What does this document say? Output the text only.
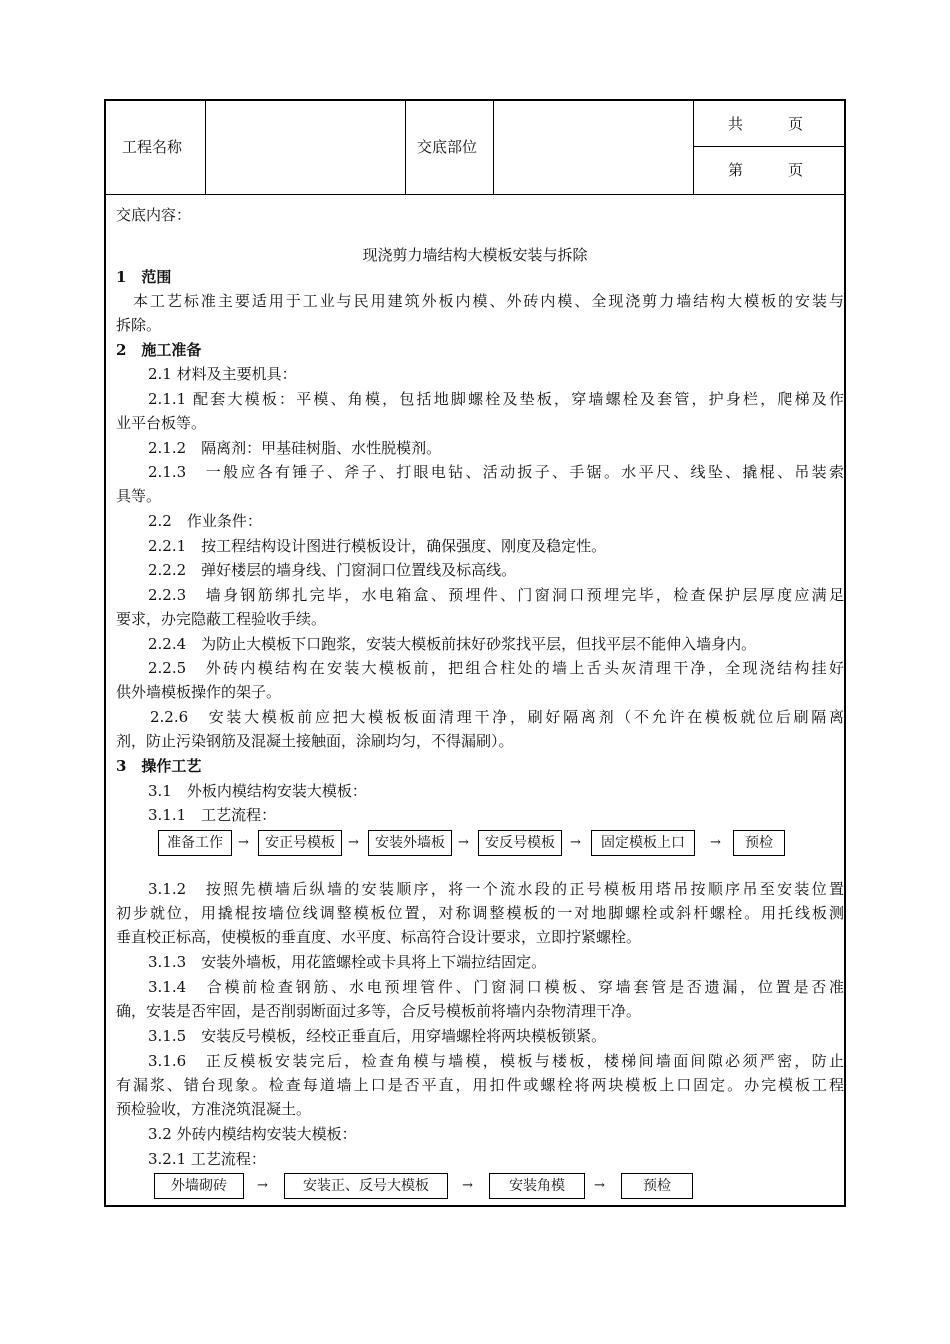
工程名称	交底部位
共　　　页
第　　　页
交底内容：
现浇剪力墙结构大模板安装与拆除
1　范围
　本工艺标准主要适用于工业与民用建筑外板内模、外砖内模、全现浇剪力墙结构大模板的安装与
拆除。
2　施工准备
2.1 材料及主要机具：
2.1.1 配套大模板：平模、角模，包括地脚螺栓及垫板，穿墙螺栓及套管，护身栏，爬梯及作
业平台板等。
2.1.2　隔离剂：甲基硅树脂、水性脱模剂。
2.1.3　一般应各有锤子、斧子、打眼电钻、活动扳子、手锯。水平尺、线坠、撬棍、吊装索
具等。
2.2　作业条件：
2.2.1　按工程结构设计图进行模板设计，确保强度、刚度及稳定性。
2.2.2　弹好楼层的墙身线、门窗洞口位置线及标高线。
2.2.3　墙身钢筋绑扎完毕，水电箱盒、预埋件、门窗洞口预埋完毕，检查保护层厚度应满足
要求，办完隐蔽工程验收手续。
2.2.4　为防止大模板下口跑浆，安装大模板前抹好砂浆找平层，但找平层不能伸入墙身内。
2.2.5　外砖内模结构在安装大模板前，把组合柱处的墙上舌头灰清理干净，全现浇结构挂好
供外墙模板操作的架子。
2.2.6　安装大模板前应把大模板板面清理干净，刷好隔离剂（不允许在模板就位后刷隔离
剂，防止污染钢筋及混凝土接触面，涂刷均匀，不得漏刷）。
3　操作工艺
3.1　外板内模结构安装大模板：
3.1.1　工艺流程：
准备工作	→	安正号模板	→	安装外墙板	→	安反号模板	→	固定模板上口	→	预检
3.1.2　按照先横墙后纵墙的安装顺序，将一个流水段的正号模板用塔吊按顺序吊至安装位置
初步就位，用撬棍按墙位线调整模板位置，对称调整模板的一对地脚螺栓或斜杆螺栓。用托线板测
垂直校正标高，使模板的垂直度、水平度、标高符合设计要求，立即拧紧螺栓。
3.1.3　安装外墙板，用花篮螺栓或卡具将上下端拉结固定。
3.1.4　合模前检查钢筋、水电预埋管件、门窗洞口模板、穿墙套管是否遗漏，位置是否准
确，安装是否牢固，是否削弱断面过多等，合反号模板前将墙内杂物清理干净。
3.1.5　安装反号模板，经校正垂直后，用穿墙螺栓将两块模板锁紧。
3.1.6　正反模板安装完后，检查角模与墙模，模板与楼板，楼梯间墙面间隙必须严密，防止
有漏浆、错台现象。检查每道墙上口是否平直，用扣件或螺栓将两块模板上口固定。办完模板工程
预检验收，方准浇筑混凝土。
3.2 外砖内模结构安装大模板：
3.2.1 工艺流程：
外墙砌砖	→	安装正、反号大模板	→	安装角模	→	预检
